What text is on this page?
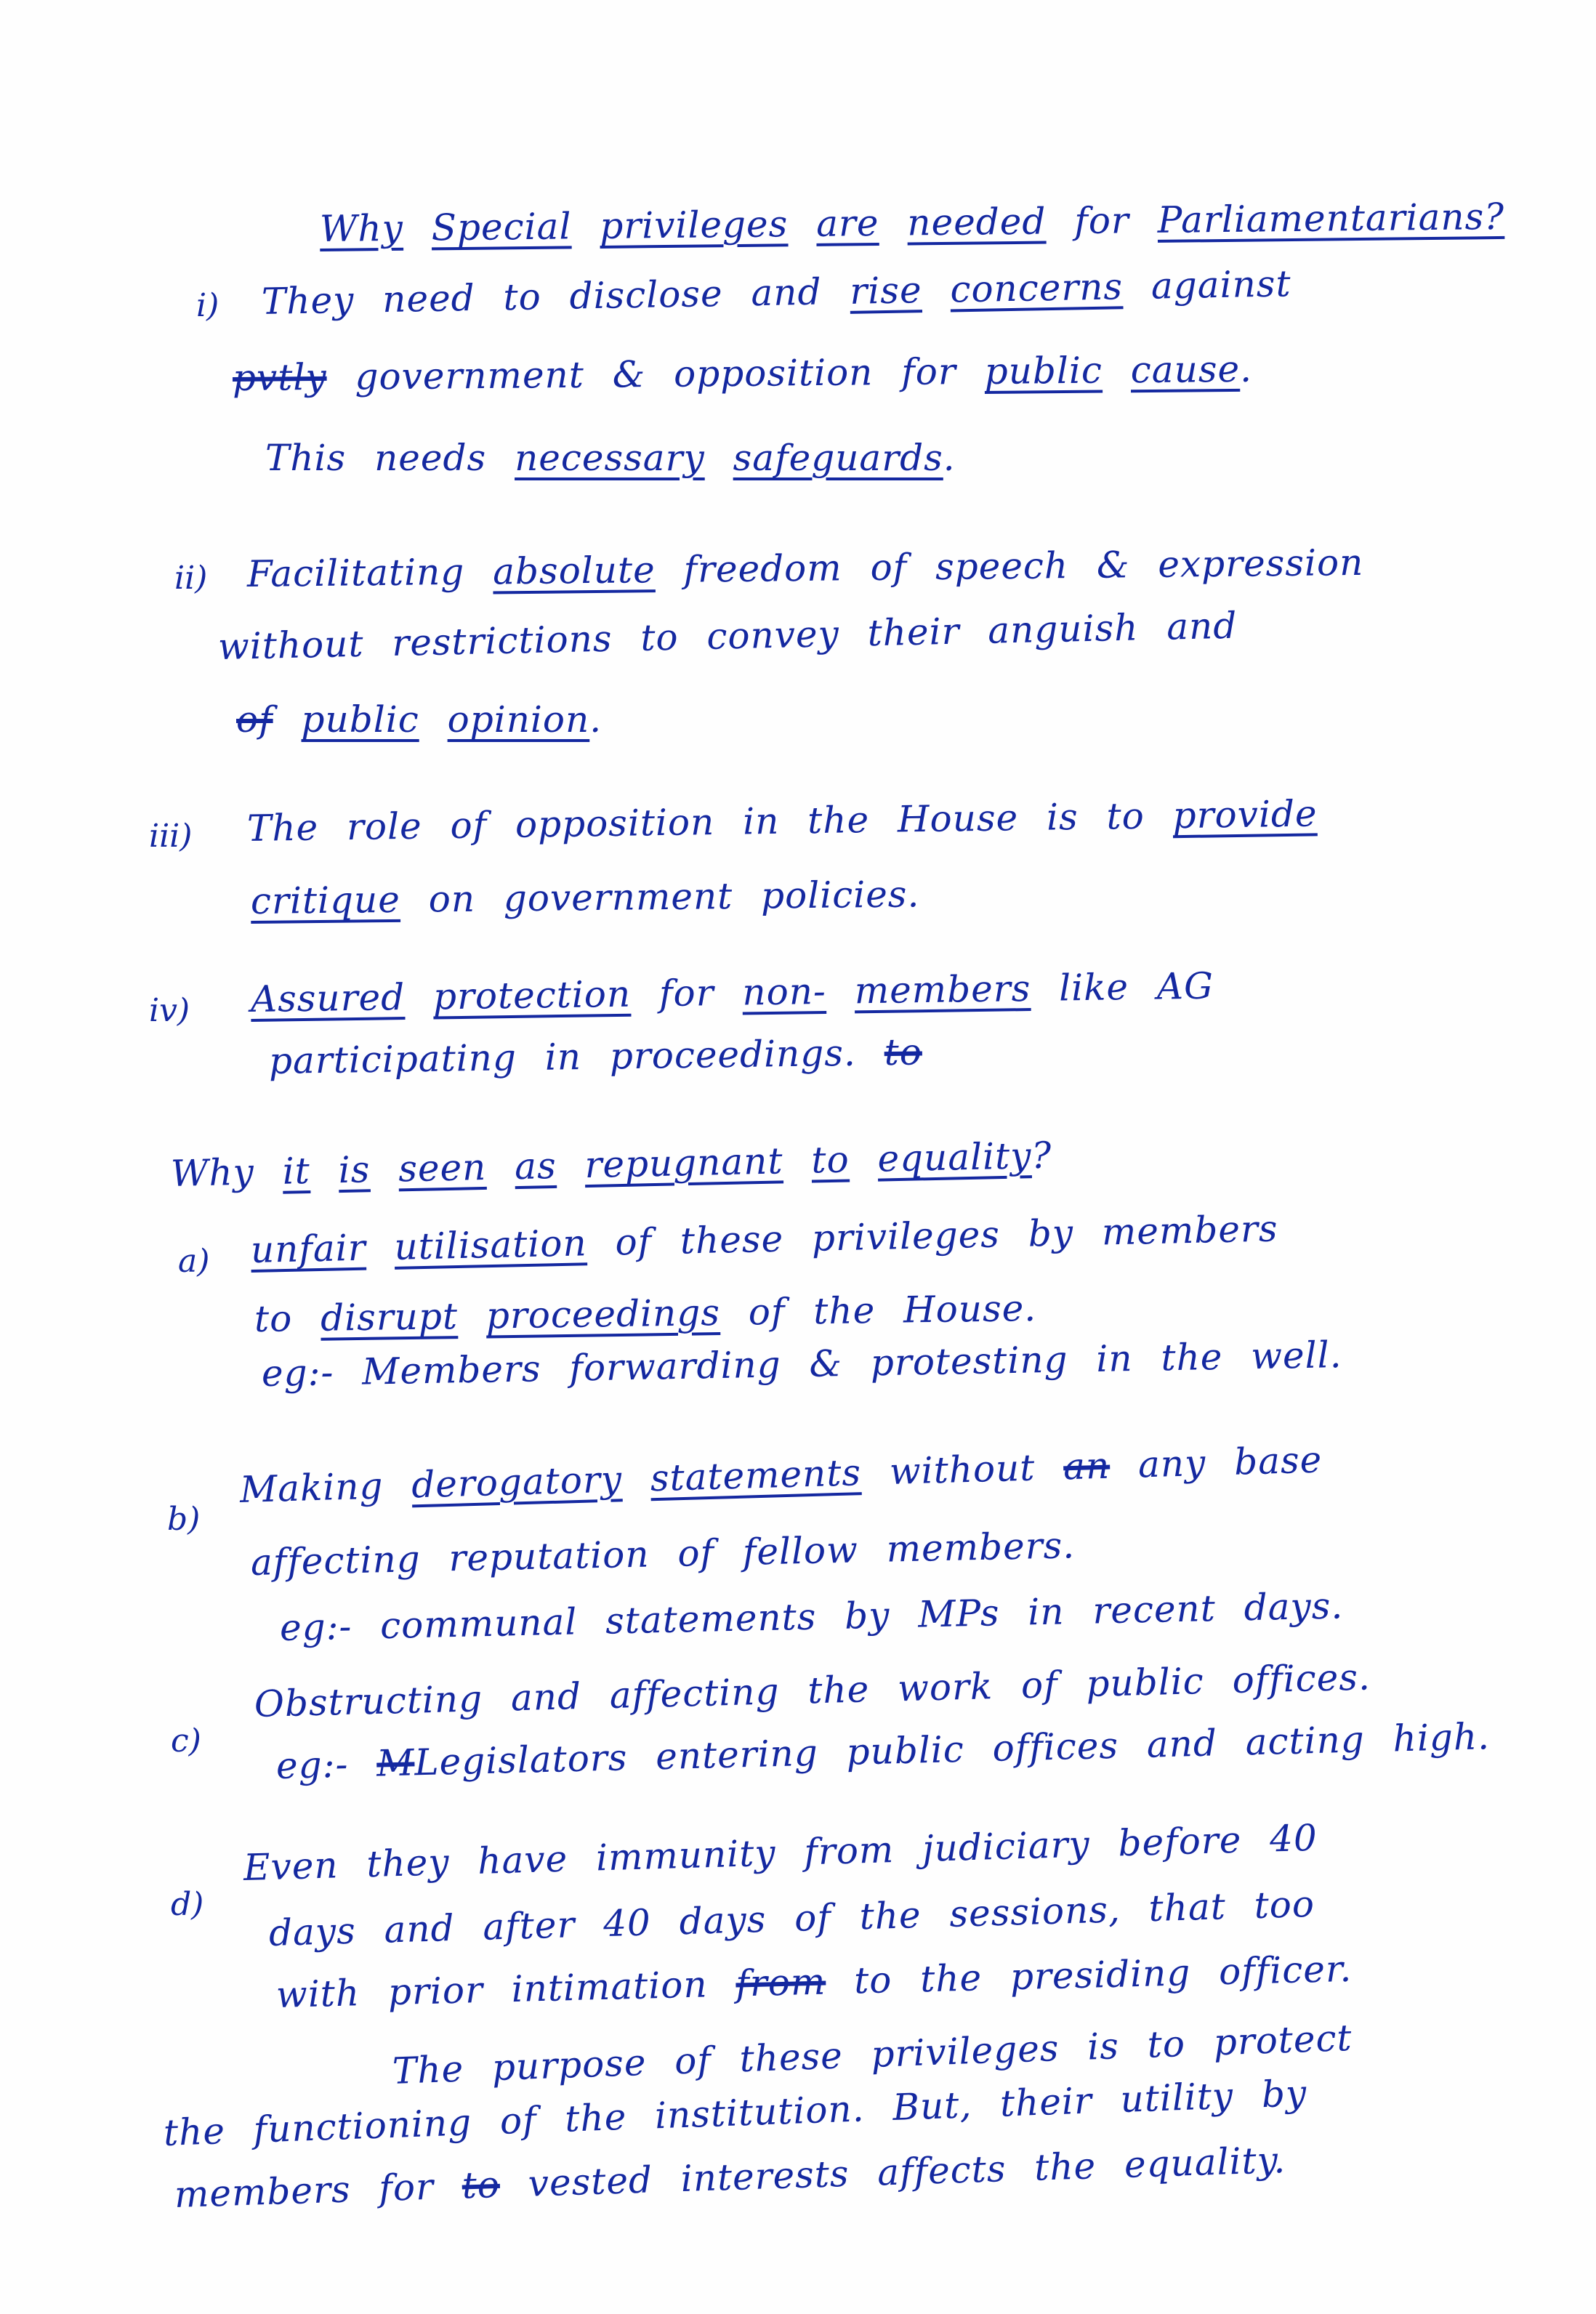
Why Special privileges are needed for Parliamentarians?
i) They need to disclose and rise concerns against
pvtly government & opposition for public cause.
This needs necessary safeguards.
ii) Facilitating absolute freedom of speech & expression
without restrictions to convey their anguish and
of public opinion.
iii) The role of opposition in the House is to provide
critique on government policies.
iv) Assured protection for non- members like AG
participating in proceedings. to
Why it is seen as repugnant to equality?
a) unfair utilisation of these privileges by members
to disrupt proceedings of the House.
eg:- Members forwarding & protesting in the well.
b)
Making derogatory statements without an any base
affecting reputation of fellow members.
eg:- communal statements by MPs in recent days.
c)
Obstructing and affecting the work of public offices.
eg:- MLegislators entering public offices and acting high.
d)
Even they have immunity from judiciary before 40
days and after 40 days of the sessions, that too
with prior intimation from to the presiding officer.
The purpose of these privileges is to protect
the functioning of the institution. But, their utility by
members for to vested interests affects the equality.
